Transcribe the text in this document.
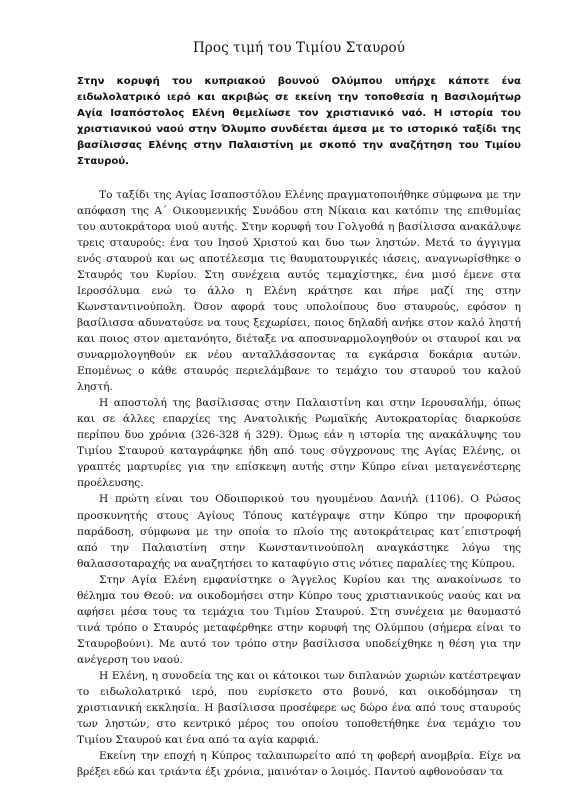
Προς τιμή του Τιμίου Σταυρού

Στην κορυφή του κυπριακού βουνού Ολύμπου υπήρχε κάποτε ένα ειδωλολατρικό ιερό και ακριβώς σε εκείνη την τοποθεσία η Βασιλομήτωρ Αγία Ισαπόστολος Ελένη θεμελίωσε τον χριστιανικό ναό. Η ιστορία του χριστιανικού ναού στην Όλυμπο συνδέεται άμεσα με το ιστορικό ταξίδι της βασίλισσας Ελένης στην Παλαιστίνη με σκοπό την αναζήτηση του Τιμίου Σταυρού.

Το ταξίδι της Αγίας Ισαποστόλου Ελένης πραγματοποιήθηκε σύμφωνα με την απόφαση της Α΄ Οικουμενικής Συνόδου στη Νίκαια και κατόπιν της επιθυμίας του αυτοκράτορα υιού αυτής. Στην κορυφή του Γολγοθά η βασίλισσα ανακάλυψε τρεις σταυρούς: ένα του Ιησού Χριστού και δυο των ληστών. Μετά το άγγιγμα ενός σταυρού και ως αποτέλεσμα τις θαυματουργικές ιάσεις, αναγνωρίσθηκε ο Σταυρός του Κυρίου. Στη συνέχεια αυτός τεμαχίστηκε, ένα μισό έμενε στα Ιεροσόλυμα ενώ το άλλο η Ελένη κράτησε και πήρε μαζί της στην Κωνσταντινούπολη. Όσον αφορά τους υπολοίπους δυο σταυρούς, εφόσον η βασίλισσα αδυνατούσε να τους ξεχωρίσει, ποιος δηλαδή ανήκε στον καλό ληστή και ποιος στον αμετανόητο, διέταξε να αποσυναρμολογηθούν οι σταυροί και να συναρμολογηθούν εκ νέου ανταλλάσσοντας τα εγκάρσια δοκάρια αυτών. Επομένως ο κάθε σταυρός περιελάμβανε το τεμάχιο του σταυρού του καλού ληστή.

Η αποστολή της βασίλισσας στην Παλαιστίνη και στην Ιερουσαλήμ, όπως και σε άλλες επαρχίες της Ανατολικής Ρωμαϊκής Αυτοκρατορίας διαρκούσε περίπου δυο χρόνια (326-328 ή 329). Όμως εάν η ιστορία της ανακάλυψης του Τιμίου Σταυρού καταγράφηκε ήδη από τους σύγχρονους της Αγίας Ελένης, οι γραπτές μαρτυρίες για την επίσκεψη αυτής στην Κύπρο είναι μεταγενέστερης προέλευσης.

Η πρώτη είναι του Οδοιπορικού του ηγουμένου Δανιήλ (1106). Ο Ρώσος προσκυνητής στους Αγίους Τόπους κατέγραψε στην Κύπρο την προφορική παράδοση, σύμφωνα με την οποία το πλοίο της αυτοκράτειρας κατ΄επιστροφή από την Παλαιστίνη στην Κωνσταντινούπολη αναγκάστηκε λόγω της θαλασσοταραχής να αναζητήσει το καταφύγιο στις νότιες παραλίες της Κύπρου.

Στην Αγία Ελένη εμφανίστηκε ο Άγγελος Κυρίου και της ανακοίνωσε το θέλημα του Θεού: να οικοδομήσει στην Κύπρο τους χριστιανικούς ναούς και να αφήσει μέσα τους τα τεμάχια του Τιμίου Σταυρού. Στη συνέχεια με θαυμαστό τινά τρόπο ο Σταυρός μεταφέρθηκε στην κορυφή της Ολύμπου (σήμερα είναι το Σταυροβούνι). Με αυτό τον τρόπο στην βασίλισσα υποδείχθηκε η θέση για την ανέγερση του ναού.

Η Ελένη, η συνοδεία της και οι κάτοικοι των διπλανών χωριών κατέστρεψαν το ειδωλολατρικό ιερό, που ευρίσκετο στο βουνό, και οικοδόμησαν τη χριστιανική εκκλησία. Η βασίλισσα προσέφερε ως δώρο ένα από τους σταυρούς των ληστών, στο κεντρικό μέρος του οποίου τοποθετήθηκε ένα τεμάχιο του Τιμίου Σταυρού και ένα από τα αγία καρφιά.

Εκείνη την εποχή η Κύπρος ταλαιπωρείτο από τη φοβερή ανομβρία. Είχε να βρέξει εδώ και τριάντα έξι χρόνια, μαινόταν ο λοιμός. Παντού αφθονούσαν τα
